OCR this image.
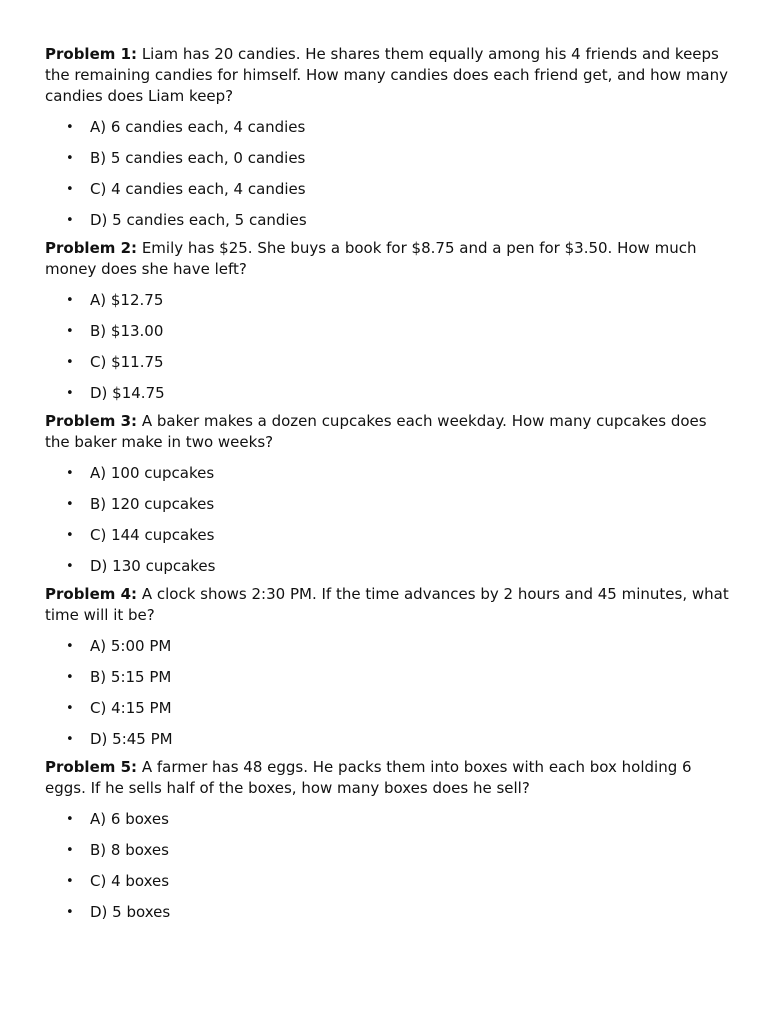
Problem 1: Liam has 20 candies. He shares them equally among his 4 friends and keeps the remaining candies for himself. How many candies does each friend get, and how many candies does Liam keep?

• A) 6 candies each, 4 candies
• B) 5 candies each, 0 candies
• C) 4 candies each, 4 candies
• D) 5 candies each, 5 candies

Problem 2: Emily has $25. She buys a book for $8.75 and a pen for $3.50. How much money does she have left?

• A) $12.75
• B) $13.00
• C) $11.75
• D) $14.75

Problem 3: A baker makes a dozen cupcakes each weekday. How many cupcakes does the baker make in two weeks?

• A) 100 cupcakes
• B) 120 cupcakes
• C) 144 cupcakes
• D) 130 cupcakes

Problem 4: A clock shows 2:30 PM. If the time advances by 2 hours and 45 minutes, what time will it be?

• A) 5:00 PM
• B) 5:15 PM
• C) 4:15 PM
• D) 5:45 PM

Problem 5: A farmer has 48 eggs. He packs them into boxes with each box holding 6 eggs. If he sells half of the boxes, how many boxes does he sell?

• A) 6 boxes
• B) 8 boxes
• C) 4 boxes
• D) 5 boxes
